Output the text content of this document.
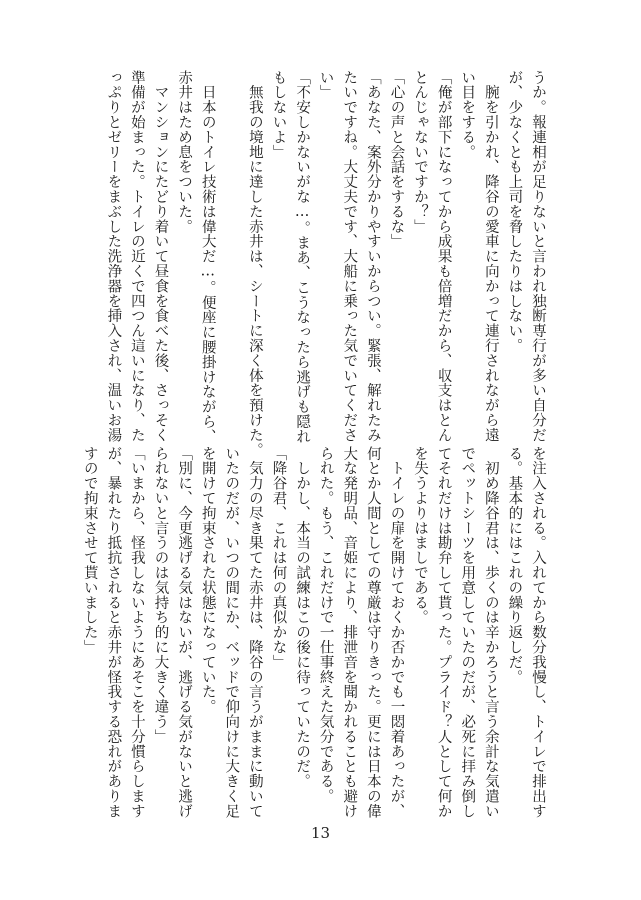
うか。報連相が足りないと言われ独断専行が多い自分だ
が、少なくとも上司を脅したりはしない。
　腕を引かれ、降谷の愛車に向かって連行されながら遠
い目をする。
「俺が部下になってから成果も倍増だから、収支はとん
とんじゃないですか？」
「心の声と会話をするな」
「あなた、案外分かりやすいからつい。緊張、解れたみ
たいですね。大丈夫です、大船に乗った気でいてくださ
い」
「不安しかないがな…。まあ、こうなったら逃げも隠れ
もしないよ」
　無我の境地に達した赤井は、シートに深く体を預けた。
　日本のトイレ技術は偉大だ…。便座に腰掛けながら、
赤井はため息をついた。
　マンションにたどり着いて昼食を食べた後、さっそく
準備が始まった。トイレの近くで四つん這いになり、た
っぷりとゼリーをまぶした洗浄器を挿入され、温いお湯
を注入される。入れてから数分我慢し、トイレで排出す
る。基本的にはこれの繰り返しだ。
　初め降谷君は、歩くのは辛かろうと言う余計な気遣い
でペットシーツを用意していたのだが、必死に拝み倒し
てそれだけは勘弁して貰った。プライド？人として何か
を失うよりはましである。
　トイレの扉を開けておくか否かでも一悶着あったが、
何とか人間としての尊厳は守りきった。更には日本の偉
大な発明品、音姫により、排泄音を聞かれることも避け
られた。もう、これだけで一仕事終えた気分である。
　しかし、本当の試練はこの後に待っていたのだ。
「降谷君、これは何の真似かな」
　気力の尽き果てた赤井は、降谷の言うがままに動いて
いたのだが、いつの間にか、ベッドで仰向けに大きく足
を開けて拘束された状態になっていた。
「別に、今更逃げる気はないが、逃げる気がないと逃げ
られないと言うのは気持ち的に大きく違う」
「いまから、怪我しないようにあそこを十分慣らします
が、暴れたり抵抗されると赤井が怪我する恐れがありま
すので拘束させて貰いました」
13
